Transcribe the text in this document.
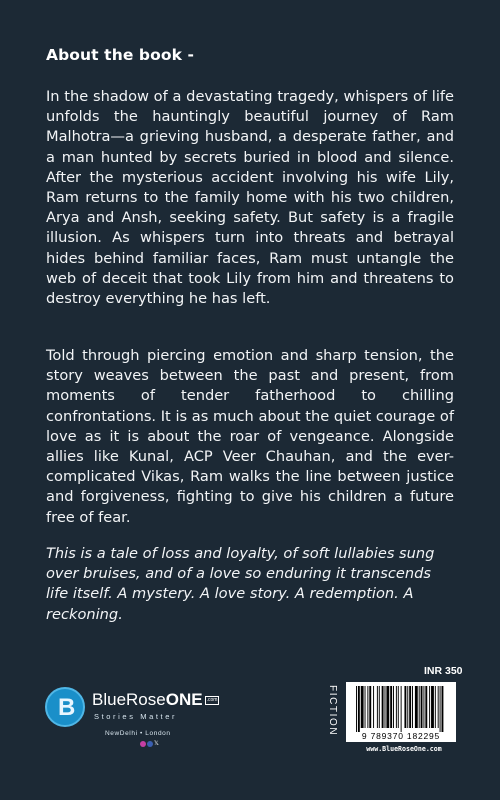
About the book -

In the shadow of a devastating tragedy, whispers of life unfolds the hauntingly beautiful journey of Ram Malhotra—a grieving husband, a desperate father, and a man hunted by secrets buried in blood and silence. After the mysterious accident involving his wife Lily, Ram returns to the family home with his two children, Arya and Ansh, seeking safety. But safety is a fragile illusion. As whispers turn into threats and betrayal hides behind familiar faces, Ram must untangle the web of deceit that took Lily from him and threatens to destroy everything he has left.

Told through piercing emotion and sharp tension, the story weaves between the past and present, from moments of tender fatherhood to chilling confrontations. It is as much about the quiet courage of love as it is about the roar of vengeance. Alongside allies like Kunal, ACP Veer Chauhan, and the ever-complicated Vikas, Ram walks the line between justice and forgiveness, fighting to give his children a future free of fear.

This is a tale of loss and loyalty, of soft lullabies sung over bruises, and of a love so enduring it transcends life itself. A mystery. A love story. A redemption. A reckoning.

B BlueRoseONE .com
Stories Matter
NewDelhi • London
$^𝕏$
INR 350
FICTION	9 789370 182295
www.BlueRoseOne.com
